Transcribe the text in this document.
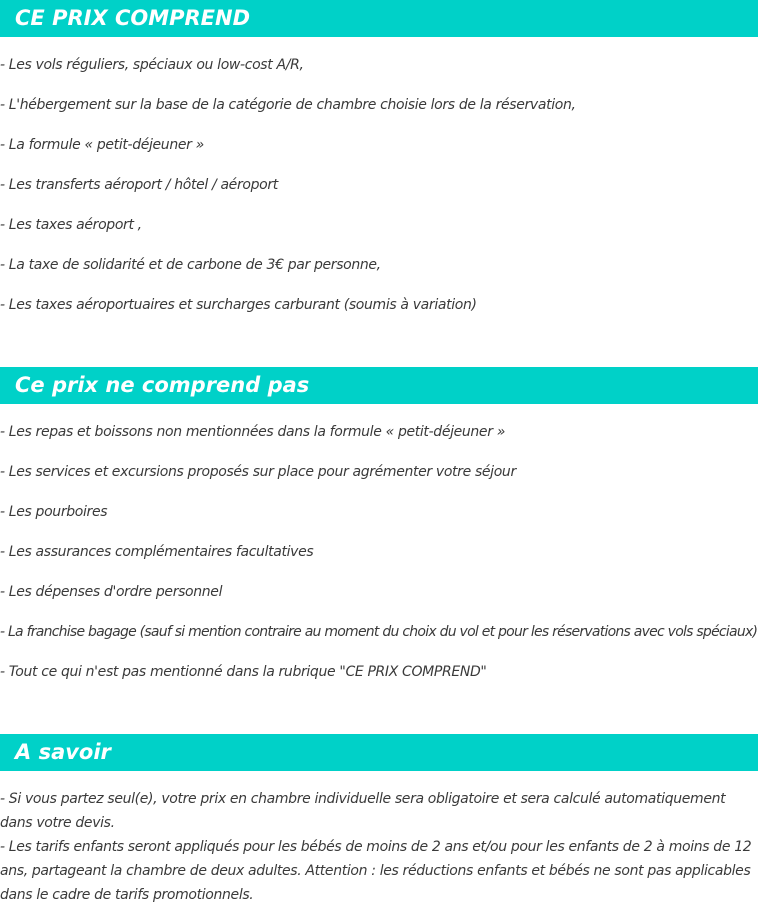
CE PRIX COMPREND
- Les vols réguliers, spéciaux ou low-cost A/R,
- L'hébergement sur la base de la catégorie de chambre choisie lors de la réservation,
- La formule « petit-déjeuner »
- Les transferts aéroport / hôtel / aéroport
- Les taxes aéroport ,
- La taxe de solidarité et de carbone de 3€ par personne,
- Les taxes aéroportuaires et surcharges carburant (soumis à variation)
Ce prix ne comprend pas
- Les repas et boissons non mentionnées dans la formule « petit-déjeuner »
- Les services et excursions proposés sur place pour agrémenter votre séjour
- Les pourboires
- Les assurances complémentaires facultatives
- Les dépenses d'ordre personnel
- La franchise bagage (sauf si mention contraire au moment du choix du vol et pour les réservations avec vols spéciaux)
- Tout ce qui n'est pas mentionné dans la rubrique "CE PRIX COMPREND"
A savoir
- Si vous partez seul(e), votre prix en chambre individuelle sera obligatoire et sera calculé automatiquement dans votre devis.
- Les tarifs enfants seront appliqués pour les bébés de moins de 2 ans et/ou pour les enfants de 2 à moins de 12 ans, partageant la chambre de deux adultes. Attention : les réductions enfants et bébés ne sont pas applicables dans le cadre de tarifs promotionnels.
